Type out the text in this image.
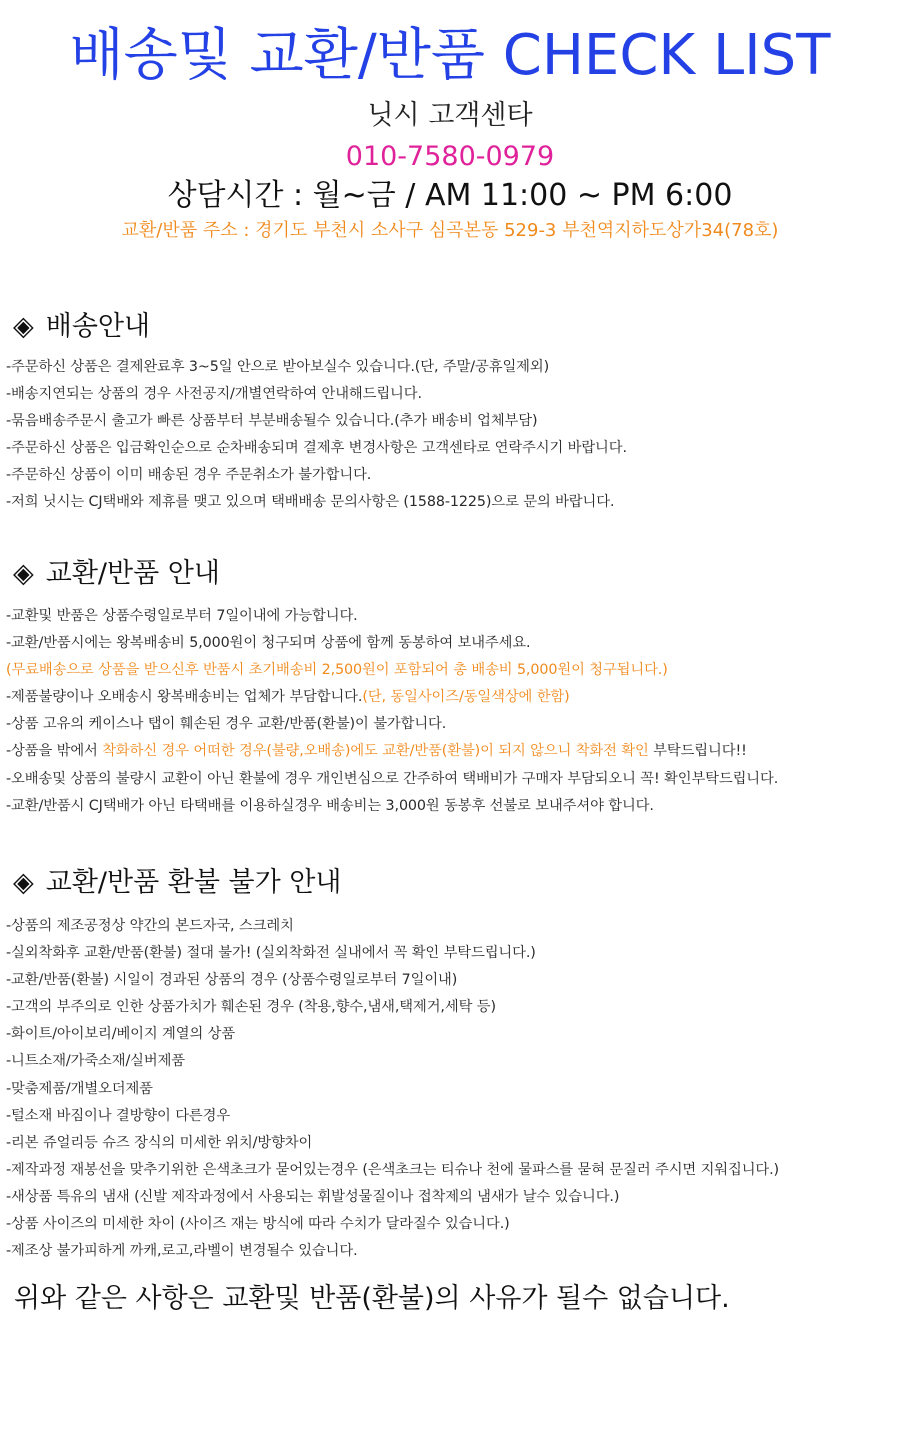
배송및 교환/반품 CHECK LIST
닛시 고객센타
010-7580-0979
상담시간 : 월~금 / AM 11:00 ~ PM 6:00
교환/반품 주소 : 경기도 부천시 소사구 심곡본동 529-3 부천역지하도상가34(78호)
◈ 배송안내
-주문하신 상품은 결제완료후 3~5일 안으로 받아보실수 있습니다.(단, 주말/공휴일제외)
-배송지연되는 상품의 경우 사전공지/개별연락하여 안내해드립니다.
-묶음배송주문시 출고가 빠른 상품부터 부분배송될수 있습니다.(추가 배송비 업체부담)
-주문하신 상품은 입금확인순으로 순차배송되며 결제후 변경사항은 고객센타로 연락주시기 바랍니다.
-주문하신 상품이 이미 배송된 경우 주문취소가 불가합니다.
-저희 닛시는 CJ택배와 제휴를 맺고 있으며 택배배송 문의사항은 (1588-1225)으로 문의 바랍니다.
◈ 교환/반품 안내
-교환및 반품은 상품수령일로부터 7일이내에 가능합니다.
-교환/반품시에는 왕복배송비 5,000원이 청구되며 상품에 함께 동봉하여 보내주세요.
(무료배송으로 상품을 받으신후 반품시 초기배송비 2,500원이 포함되어 총 배송비 5,000원이 청구됩니다.)
-제품불량이나 오배송시 왕복배송비는 업체가 부담합니다.(단, 동일사이즈/동일색상에 한함)
-상품 고유의 케이스나 탭이 훼손된 경우 교환/반품(환불)이 불가합니다.
-상품을 밖에서 착화하신 경우 어떠한 경우(불량,오배송)에도 교환/반품(환불)이 되지 않으니 착화전 확인 부탁드립니다!!
-오배송및 상품의 불량시 교환이 아닌 환불에 경우 개인변심으로 간주하여 택배비가 구매자 부담되오니 꼭! 확인부탁드립니다.
-교환/반품시 CJ택배가 아닌 타택배를 이용하실경우 배송비는 3,000원 동봉후 선불로 보내주셔야 합니다.
◈ 교환/반품 환불 불가 안내
-상품의 제조공정상 약간의 본드자국, 스크레치
-실외착화후 교환/반품(환불) 절대 불가! (실외착화전 실내에서 꼭 확인 부탁드립니다.)
-교환/반품(환불) 시일이 경과된 상품의 경우 (상품수령일로부터 7일이내)
-고객의 부주의로 인한 상품가치가 훼손된 경우 (착용,향수,냄새,택제거,세탁 등)
-화이트/아이보리/베이지 계열의 상품
-니트소재/가죽소재/실버제품
-맞춤제품/개별오더제품
-털소재 바짐이나 결방향이 다른경우
-리본 쥬얼리등 슈즈 장식의 미세한 위치/방향차이
-제작과정 재봉선을 맞추기위한 은색초크가 묻어있는경우 (은색초크는 티슈나 천에 물파스를 묻혀 문질러 주시면 지워집니다.)
-새상품 특유의 냄새 (신발 제작과정에서 사용되는 휘발성물질이나 접착제의 냄새가 날수 있습니다.)
-상품 사이즈의 미세한 차이 (사이즈 재는 방식에 따라 수치가 달라질수 있습니다.)
-제조상 불가피하게 까캐,로고,라벨이 변경될수 있습니다.
위와 같은 사항은 교환및 반품(환불)의 사유가 될수 없습니다.
